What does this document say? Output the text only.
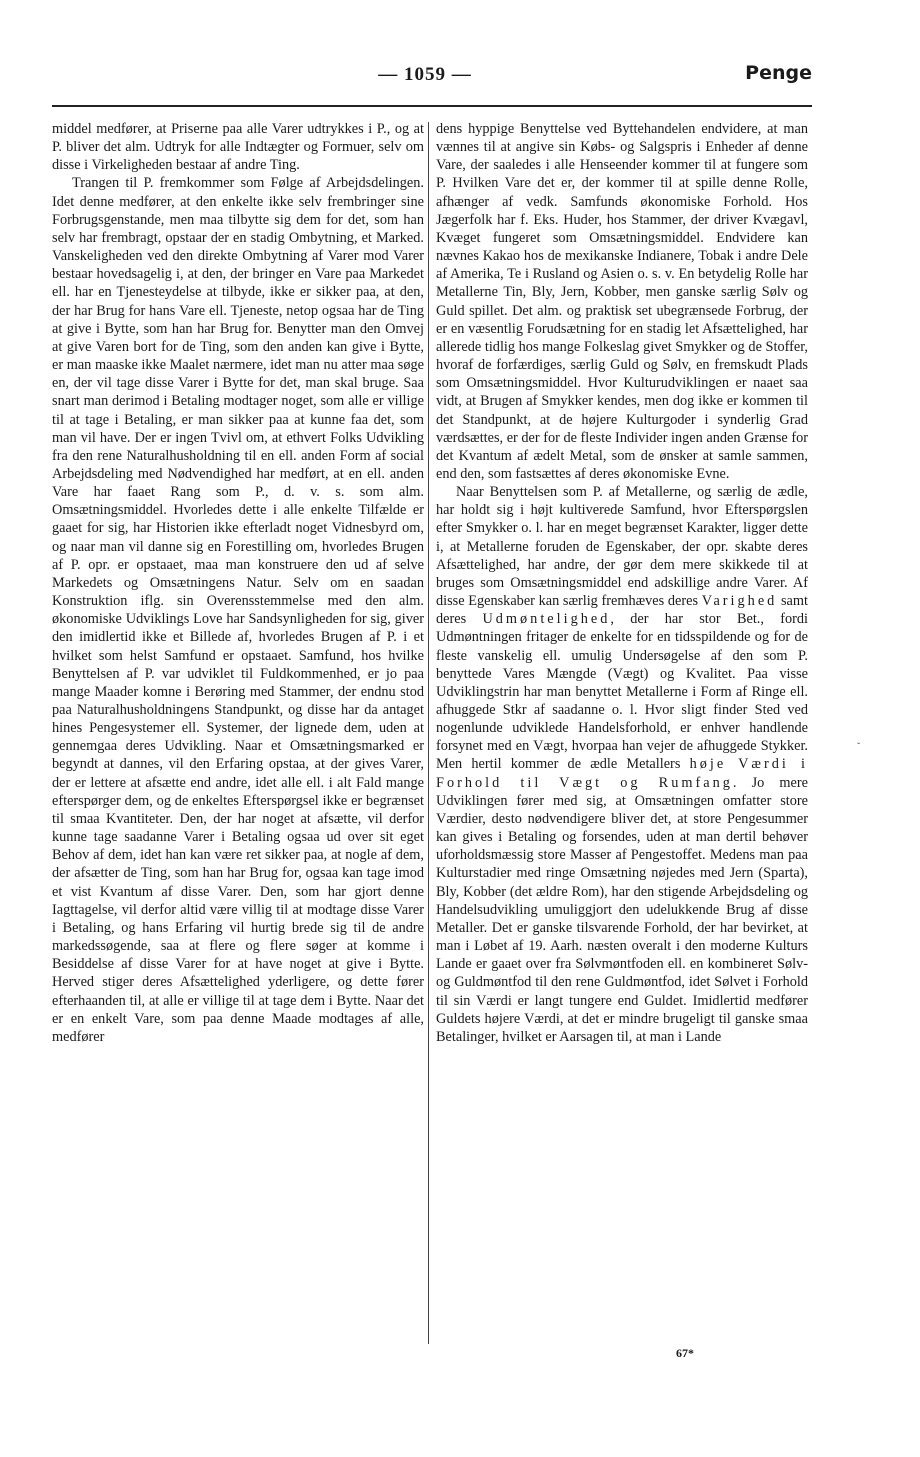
— 1059 —	Penge

middel medfører, at Priserne paa alle Varer udtrykkes i P., og at P. bliver det alm. Udtryk for alle Indtægter og Formuer, selv om disse i Virkeligheden bestaar af andre Ting.

Trangen til P. fremkommer som Følge af Arbejdsdelingen. Idet denne medfører, at den enkelte ikke selv frembringer sine Forbrugsgenstande, men maa tilbytte sig dem for det, som han selv har frembragt, opstaar der en stadig Ombytning, et Marked. Vanskeligheden ved den direkte Ombytning af Varer mod Varer bestaar hovedsagelig i, at den, der bringer en Vare paa Markedet ell. har en Tjenesteydelse at tilbyde, ikke er sikker paa, at den, der har Brug for hans Vare ell. Tjeneste, netop ogsaa har de Ting at give i Bytte, som han har Brug for. Benytter man den Omvej at give Varen bort for de Ting, som den anden kan give i Bytte, er man maaske ikke Maalet nærmere, idet man nu atter maa søge en, der vil tage disse Varer i Bytte for det, man skal bruge. Saa snart man derimod i Betaling modtager noget, som alle er villige til at tage i Betaling, er man sikker paa at kunne faa det, som man vil have. Der er ingen Tvivl om, at ethvert Folks Udvikling fra den rene Naturalhusholdning til en ell. anden Form af social Arbejdsdeling med Nødvendighed har medført, at en ell. anden Vare har faaet Rang som P., d. v. s. som alm. Omsætningsmiddel. Hvorledes dette i alle enkelte Tilfælde er gaaet for sig, har Historien ikke efterladt noget Vidnesbyrd om, og naar man vil danne sig en Forestilling om, hvorledes Brugen af P. opr. er opstaaet, maa man konstruere den ud af selve Markedets og Omsætningens Natur. Selv om en saadan Konstruktion iflg. sin Overensstemmelse med den alm. økonomiske Udviklings Love har Sandsynligheden for sig, giver den imidlertid ikke et Billede af, hvorledes Brugen af P. i et hvilket som helst Samfund er opstaaet. Samfund, hos hvilke Benyttelsen af P. var udviklet til Fuldkommenhed, er jo paa mange Maader komne i Berøring med Stammer, der endnu stod paa Naturalhusholdningens Standpunkt, og disse har da antaget hines Pengesystemer ell. Systemer, der lignede dem, uden at gennemgaa deres Udvikling. Naar et Omsætningsmarked er begyndt at dannes, vil den Erfaring opstaa, at der gives Varer, der er lettere at afsætte end andre, idet alle ell. i alt Fald mange efterspørger dem, og de enkeltes Efterspørgsel ikke er begrænset til smaa Kvantiteter. Den, der har noget at afsætte, vil derfor kunne tage saadanne Varer i Betaling ogsaa ud over sit eget Behov af dem, idet han kan være ret sikker paa, at nogle af dem, der afsætter de Ting, som han har Brug for, ogsaa kan tage imod et vist Kvantum af disse Varer. Den, som har gjort denne Iagttagelse, vil derfor altid være villig til at modtage disse Varer i Betaling, og hans Erfaring vil hurtig brede sig til de andre markedssøgende, saa at flere og flere søger at komme i Besiddelse af disse Varer for at have noget at give i Bytte. Herved stiger deres Afsættelighed yderligere, og dette fører efterhaanden til, at alle er villige til at tage dem i Bytte. Naar det er en enkelt Vare, som paa denne Maade modtages af alle, medfører

dens hyppige Benyttelse ved Byttehandelen endvidere, at man vænnes til at angive sin Købs- og Salgspris i Enheder af denne Vare, der saaledes i alle Henseender kommer til at fungere som P. Hvilken Vare det er, der kommer til at spille denne Rolle, afhænger af vedk. Samfunds økonomiske Forhold. Hos Jægerfolk har f. Eks. Huder, hos Stammer, der driver Kvægavl, Kvæget fungeret som Omsætningsmiddel. Endvidere kan nævnes Kakao hos de mexikanske Indianere, Tobak i andre Dele af Amerika, Te i Rusland og Asien o. s. v. En betydelig Rolle har Metallerne Tin, Bly, Jern, Kobber, men ganske særlig Sølv og Guld spillet. Det alm. og praktisk set ubegrænsede Forbrug, der er en væsentlig Forudsætning for en stadig let Afsættelighed, har allerede tidlig hos mange Folkeslag givet Smykker og de Stoffer, hvoraf de forfærdiges, særlig Guld og Sølv, en fremskudt Plads som Omsætningsmiddel. Hvor Kulturudviklingen er naaet saa vidt, at Brugen af Smykker kendes, men dog ikke er kommen til det Standpunkt, at de højere Kulturgoder i synderlig Grad værdsættes, er der for de fleste Individer ingen anden Grænse for det Kvantum af ædelt Metal, som de ønsker at samle sammen, end den, som fastsættes af deres økonomiske Evne.

Naar Benyttelsen som P. af Metallerne, og særlig de ædle, har holdt sig i højt kultiverede Samfund, hvor Efterspørgslen efter Smykker o. l. har en meget begrænset Karakter, ligger dette i, at Metallerne foruden de Egenskaber, der opr. skabte deres Afsættelighed, har andre, der gør dem mere skikkede til at bruges som Omsætningsmiddel end adskillige andre Varer. Af disse Egenskaber kan særlig fremhæves deres Varighed samt deres Udmøntelighed, der har stor Bet., fordi Udmøntningen fritager de enkelte for en tidsspildende og for de fleste vanskelig ell. umulig Undersøgelse af den som P. benyttede Vares Mængde (Vægt) og Kvalitet. Paa visse Udviklingstrin har man benyttet Metallerne i Form af Ringe ell. afhuggede Stkr af saadanne o. l. Hvor sligt finder Sted ved nogenlunde udviklede Handelsforhold, er enhver handlende forsynet med en Vægt, hvorpaa han vejer de afhuggede Stykker. Men hertil kommer de ædle Metallers høje Værdi i Forhold til Vægt og Rumfang. Jo mere Udviklingen fører med sig, at Omsætningen omfatter store Værdier, desto nødvendigere bliver det, at store Pengesummer kan gives i Betaling og forsendes, uden at man dertil behøver uforholdsmæssig store Masser af Pengestoffet. Medens man paa Kulturstadier med ringe Omsætning nøjedes med Jern (Sparta), Bly, Kobber (det ældre Rom), har den stigende Arbejdsdeling og Handelsudvikling umuliggjort den udelukkende Brug af disse Metaller. Det er ganske tilsvarende Forhold, der har bevirket, at man i Løbet af 19. Aarh. næsten overalt i den moderne Kulturs Lande er gaaet over fra Sølvmøntfoden ell. en kombineret Sølv- og Guldmøntfod til den rene Guldmøntfod, idet Sølvet i Forhold til sin Værdi er langt tungere end Guldet. Imidlertid medfører Guldets højere Værdi, at det er mindre brugeligt til ganske smaa Betalinger, hvilket er Aarsagen til, at man i Lande

ˇ
67*
